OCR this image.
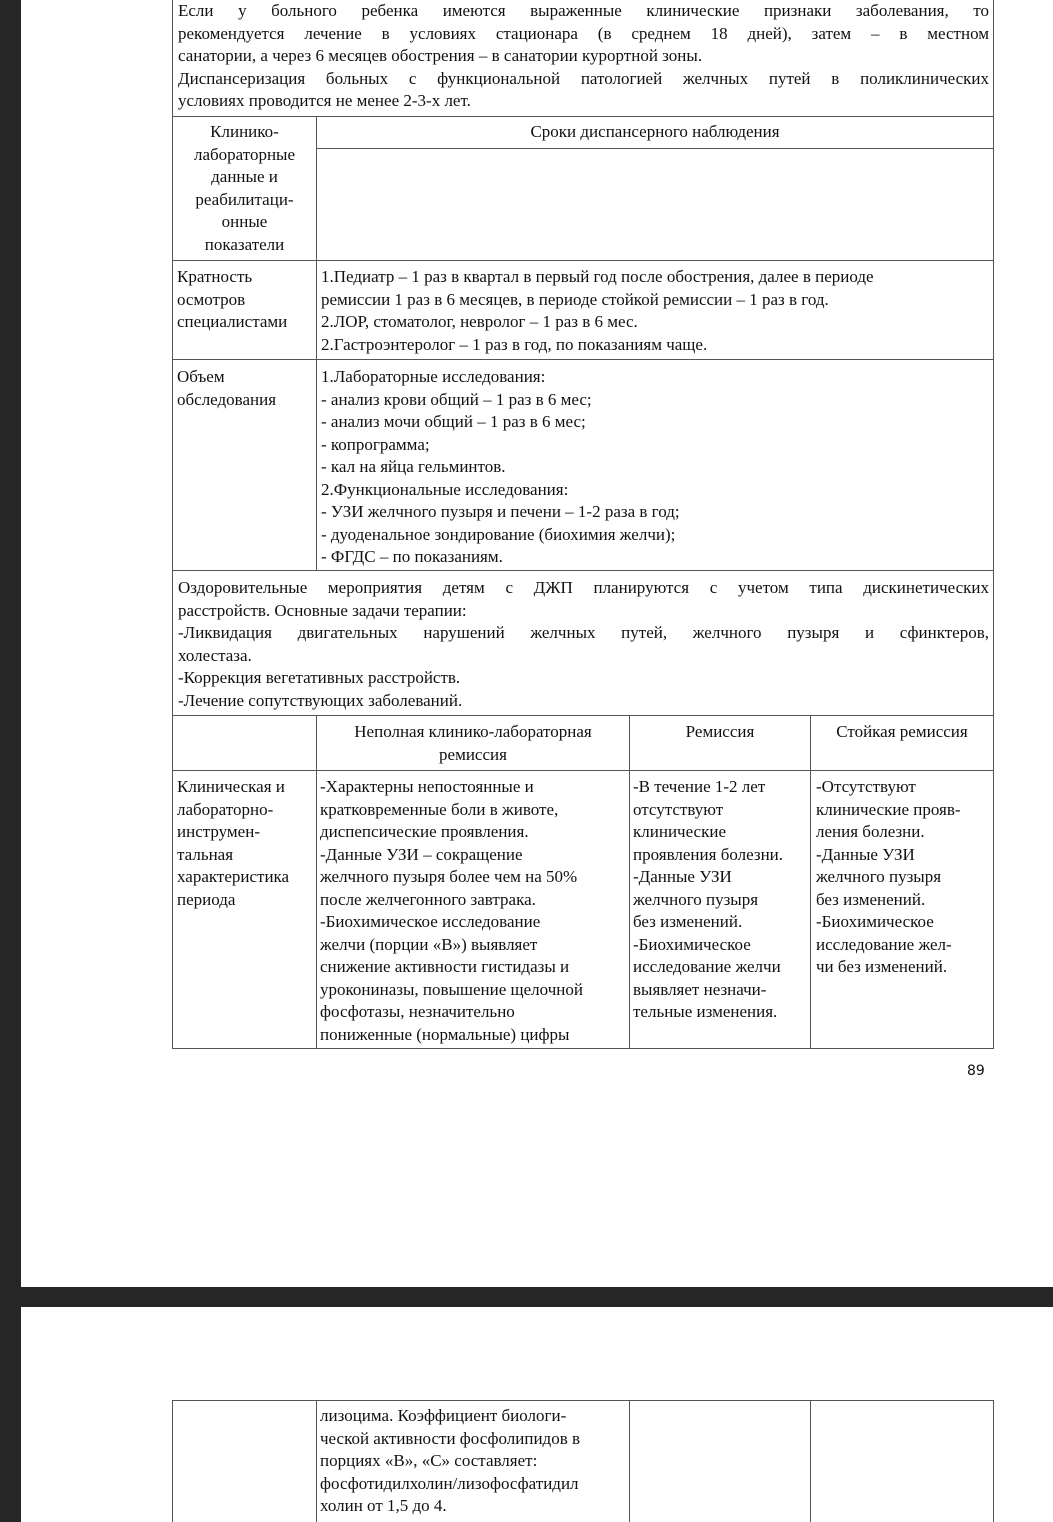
Если у больного ребенка имеются выраженные клинические признаки заболевания, то
рекомендуется лечение в условиях стационара (в среднем 18 дней), затем – в местном
санатории, а через 6 месяцев обострения – в санатории курортной зоны.
Диспансеризация больных с функциональной патологией желчных путей в поликлинических
условиях проводится не менее 2-3-х лет.
Клинико-
лабораторные
данные и
реабилитаци-
онные
показатели
Сроки диспансерного наблюдения
Кратность
осмотров
специалистами
1.Педиатр – 1 раз в квартал в первый год после обострения, далее в периоде
ремиссии 1 раз в 6 месяцев, в периоде стойкой ремиссии – 1 раз в год.
2.ЛОР, стоматолог, невролог – 1 раз в 6 мес.
2.Гастроэнтеролог – 1 раз в год, по показаниям чаще.
Объем
обследования
1.Лабораторные исследования:
- анализ крови общий – 1 раз в 6 мес;
- анализ мочи общий – 1 раз в 6 мес;
- копрограмма;
- кал на яйца гельминтов.
2.Функциональные исследования:
- УЗИ желчного пузыря и печени – 1-2 раза в год;
- дуоденальное зондирование (биохимия желчи);
- ФГДС – по показаниям.
Оздоровительные мероприятия детям с ДЖП планируются с учетом типа дискинетических
расстройств. Основные задачи терапии:
-Ликвидация двигательных нарушений желчных путей, желчного пузыря и сфинктеров,
холестаза.
-Коррекция вегетативных расстройств.
-Лечение сопутствующих заболеваний.
Неполная клинико-лабораторная
ремиссия
Ремиссия	Стойкая ремиссия
Клиническая и
лабораторно-
инструмен-
тальная
характеристика
периода
-Характерны непостоянные и
кратковременные боли в животе,
диспепсические проявления.
-Данные УЗИ – сокращение
желчного пузыря более чем на 50%
после желчегонного завтрака.
-Биохимическое исследование
желчи (порции «В») выявляет
снижение активности гистидазы и
урокониназы, повышение щелочной
фосфотазы, незначительно
пониженные (нормальные) цифры
-В течение 1-2 лет
отсутствуют
клинические
проявления болезни.
-Данные УЗИ
желчного пузыря
без изменений.
-Биохимическое
исследование желчи
выявляет незначи-
тельные изменения.
-Отсутствуют
клинические прояв-
ления болезни.
-Данные УЗИ
желчного пузыря
без изменений.
-Биохимическое
исследование жел-
чи без изменений.
89
лизоцима. Коэффициент биологи-
ческой активности фосфолипидов в
порциях «В», «С» составляет:
фосфотидилхолин/лизофосфатидил
холин от 1,5 до 4.
